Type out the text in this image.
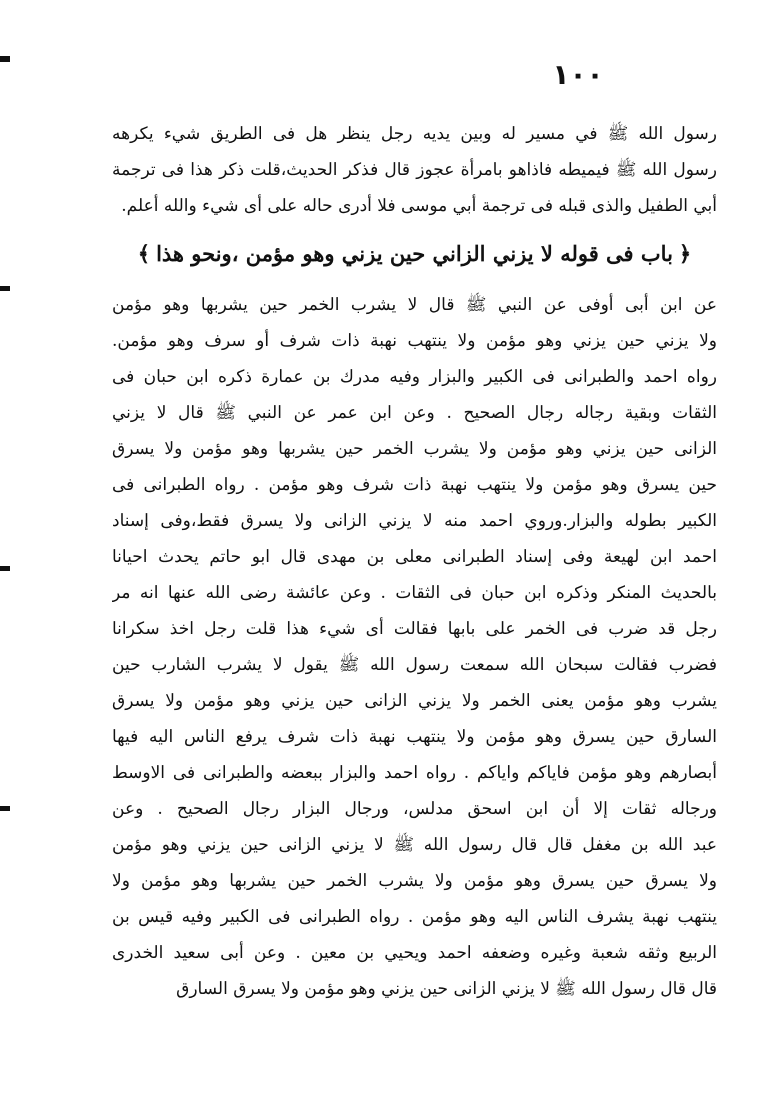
١٠٠
رسول الله ﷺ في مسير له وبين يديه رجل ينظر هل فى الطريق شيء يكرهه
رسول الله ﷺ فيميطه فاذاهو بامرأة عجوز قال فذكر الحديث،قلت ذكر هذا فى ترجمة
أبي الطفيل والذى قبله فى ترجمة أبي موسى فلا أدرى حاله على أى شيء والله أعلم.
﴿باب فى قوله لا يزني الزاني حين يزني وهو مؤمن ،ونحو هذا﴾
عن ابن أبى أوفى عن النبي ﷺ قال لا يشرب الخمر حين يشربها وهو مؤمن
ولا يزني حين يزني وهو مؤمن ولا ينتهب نهبة ذات شرف أو سرف وهو مؤمن.
رواه احمد والطبرانى فى الكبير والبزار وفيه مدرك بن عمارة ذكره ابن حبان فى
الثقات وبقية رجاله رجال الصحيح . وعن ابن عمر عن النبي ﷺ قال لا يزني
الزانى حين يزني وهو مؤمن ولا يشرب الخمر حين يشربها وهو مؤمن ولا يسرق
حين يسرق وهو مؤمن ولا ينتهب نهبة ذات شرف وهو مؤمن . رواه الطبرانى فى
الكبير بطوله والبزار.وروي احمد منه لا يزني الزانى ولا يسرق فقط،وفى إسناد
احمد ابن لهيعة وفى إسناد الطبرانى معلى بن مهدى قال ابو حاتم يحدث احيانا
بالحديث المنكر وذكره ابن حبان فى الثقات . وعن عائشة رضى الله عنها انه مر
رجل قد ضرب فى الخمر على بابها فقالت أى شيء هذا قلت رجل اخذ سكرانا
فضرب فقالت سبحان الله سمعت رسول الله ﷺ يقول لا يشرب الشارب حين
يشرب وهو مؤمن يعنى الخمر ولا يزني الزانى حين يزني وهو مؤمن ولا يسرق
السارق حين يسرق وهو مؤمن ولا ينتهب نهبة ذات شرف يرفع الناس اليه فيها
أبصارهم وهو مؤمن فاياكم واياكم . رواه احمد والبزار ببعضه والطبرانى فى الاوسط
ورجاله ثقات إلا أن ابن اسحق مدلس، ورجال البزار رجال الصحيح . وعن
عبد الله بن مغفل قال قال رسول الله ﷺ لا يزني الزانى حين يزني وهو مؤمن
ولا يسرق حين يسرق وهو مؤمن ولا يشرب الخمر حين يشربها وهو مؤمن ولا
ينتهب نهبة يشرف الناس اليه وهو مؤمن . رواه الطبرانى فى الكبير وفيه قيس بن
الربيع وثقه شعبة وغيره وضعفه احمد ويحيي بن معين . وعن أبى سعيد الخدرى
قال قال رسول الله ﷺ لا يزني الزانى حين يزني وهو مؤمن ولا يسرق السارق
